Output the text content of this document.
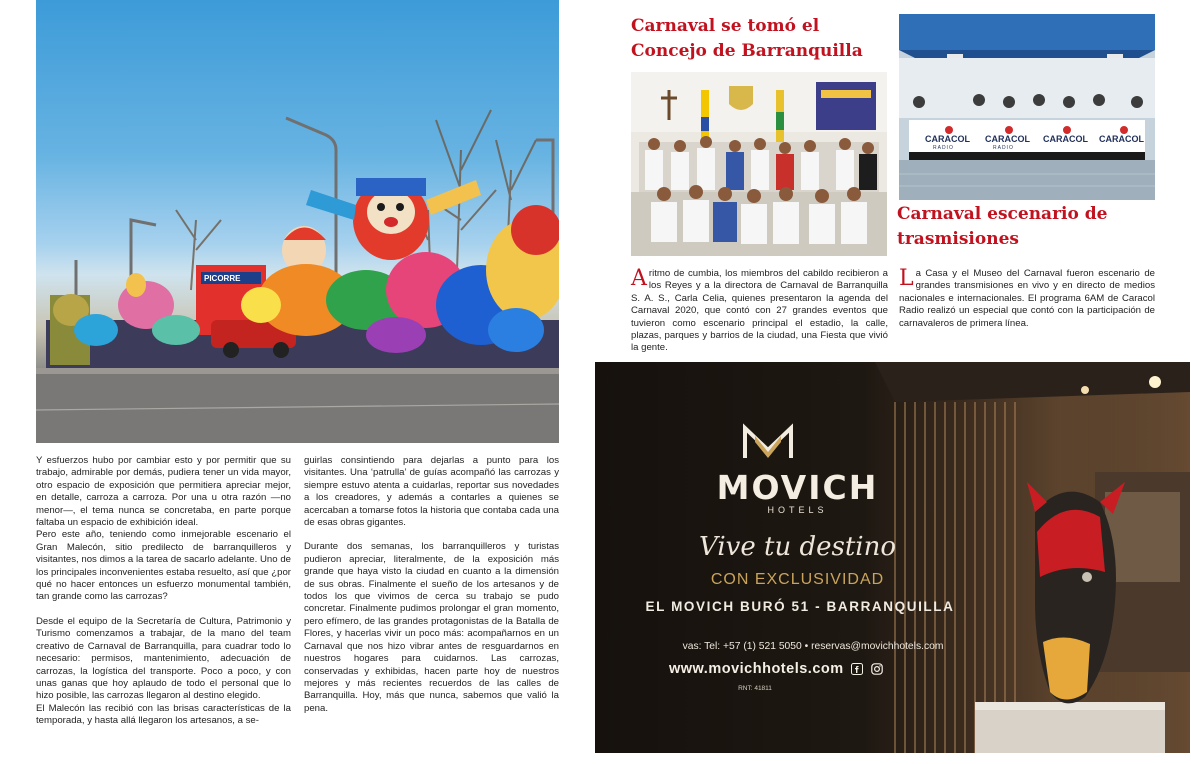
PICORRE

Y esfuerzos hubo por cambiar esto y por permitir que su trabajo, admirable por demás, pudiera tener un vida mayor, otro espacio de exposición que permitiera apreciar mejor, en detalle, carroza a carroza. Por una u otra razón —no menor—, el tema nunca se concretaba, en parte porque faltaba un espacio de exhibición ideal.

Pero este año, teniendo como inmejorable escenario el Gran Malecón, sitio predilecto de barranquilleros y visitantes, nos dimos a la tarea de sacarlo adelante. Uno de los principales inconvenientes estaba resuelto, así que ¿por qué no hacer entonces un esfuerzo monumental también, tan grande como las carrozas?

Desde el equipo de la Secretaría de Cultura, Patrimonio y Turismo comenzamos a trabajar, de la mano del team creativo de Carnaval de Barranquilla, para cuadrar todo lo necesario: permisos, mantenimiento, adecuación de carrozas, la logística del transporte. Poco a poco, y con unas ganas que hoy aplaudo de todo el personal que lo hizo posible, las carrozas llegaron al destino elegido.

El Malecón las recibió con las brisas características de la temporada, y hasta allá llegaron los artesanos, a se-

guirlas consintiendo para dejarlas a punto para los visitantes. Una ‘patrulla’ de guías acompañó las carrozas y siempre estuvo atenta a cuidarlas, reportar sus novedades a los creadores, y además a contarles a quienes se acercaban a tomarse fotos la historia que contaba cada una de esas obras gigantes.

Durante dos semanas, los barranquilleros y turistas pudieron apreciar, literalmente, de la exposición más grande que haya visto la ciudad en cuanto a la dimensión de sus obras. Finalmente el sueño de los artesanos y de todos los que vivimos de cerca su trabajo se pudo concretar. Finalmente pudimos prolongar el gran momento, pero efímero, de las grandes protagonistas de la Batalla de Flores, y hacerlas vivir un poco más: acompañarnos en un Carnaval que nos hizo vibrar antes de resguardarnos en nuestros hogares para cuidarnos. Las carrozas, conservadas y exhibidas, hacen parte hoy de nuestros mejores y más recientes recuerdos de las calles de Barranquilla. Hoy, más que nunca, sabemos que valió la pena.

Carnaval se tomó el Concejo de Barranquilla
A ritmo de cumbia, los miembros del cabildo recibieron a los Reyes y a la directora de Carnaval de Barranquilla S. A. S., Carla Celia, quienes presentaron la agenda del Carnaval 2020, que contó con 27 grandes eventos que tuvieron como escenario principal el estadio, la calle, plazas, parques y barrios de la ciudad, una Fiesta que vivió la gente.
CARACOL CARACOL CARACOL CARACOL
RADIO	RADIO
Carnaval escenario de trasmisiones
L a Casa y el Museo del Carnaval fueron escenario de grandes transmisiones en vivo y en directo de medios nacionales e internacionales. El programa 6AM de Caracol Radio realizó un especial que contó con la participación de carnavaleros de primera línea.
MOVICH
HOTELS
Vive tu destino
CON EXCLUSIVIDAD
EL MOVICH BURÓ 51 - BARRANQUILLA
vas: Tel: +57 (1) 521 5050 • reservas@movichhotels.com
www.movichhotels.com
RNT: 41811
